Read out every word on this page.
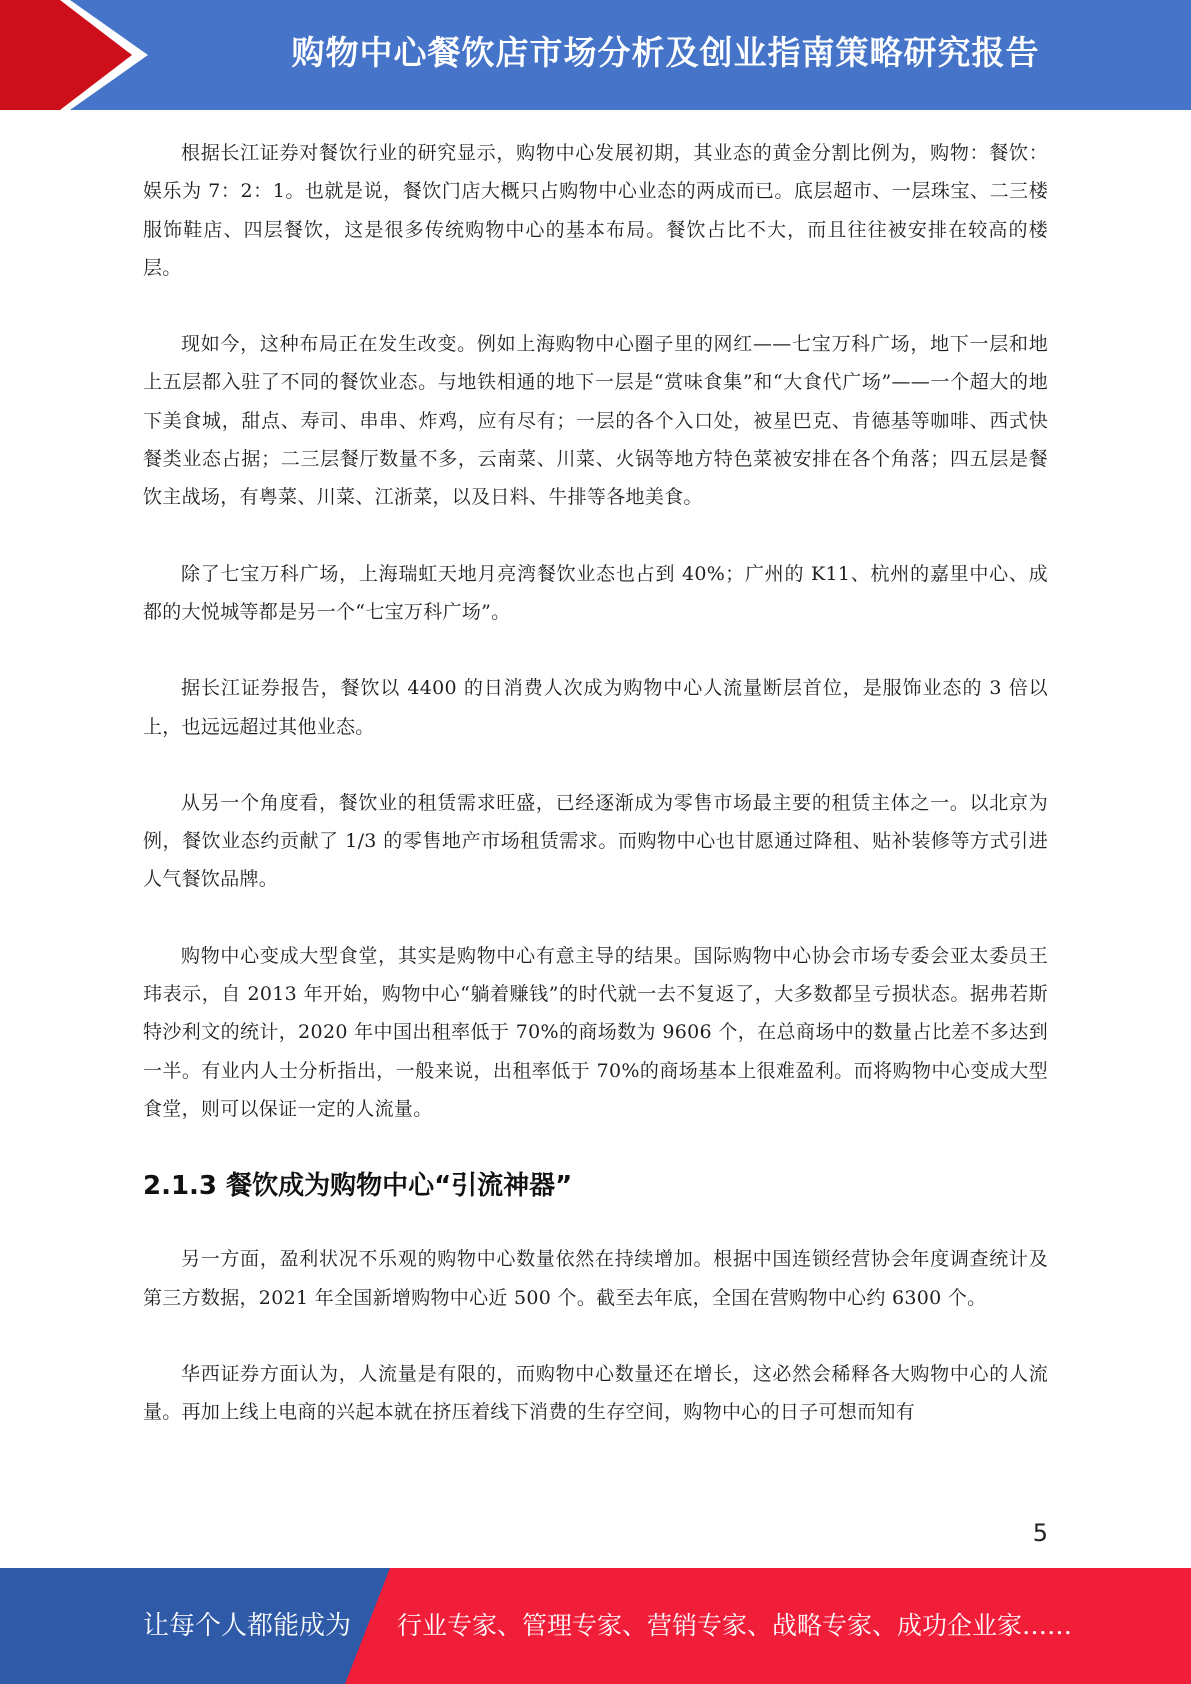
购物中心餐饮店市场分析及创业指南策略研究报告

根据长江证券对餐饮行业的研究显示，购物中心发展初期，其业态的黄金分割比例为，购物：餐饮：娱乐为 7：2：1。也就是说，餐饮门店大概只占购物中心业态的两成而已。底层超市、一层珠宝、二三楼服饰鞋店、四层餐饮，这是很多传统购物中心的基本布局。餐饮占比不大，而且往往被安排在较高的楼层。

现如今，这种布局正在发生改变。例如上海购物中心圈子里的网红——七宝万科广场，地下一层和地上五层都入驻了不同的餐饮业态。与地铁相通的地下一层是“赏味食集”和“大食代广场”——一个超大的地下美食城，甜点、寿司、串串、炸鸡，应有尽有；一层的各个入口处，被星巴克、肯德基等咖啡、西式快餐类业态占据；二三层餐厅数量不多，云南菜、川菜、火锅等地方特色菜被安排在各个角落；四五层是餐饮主战场，有粤菜、川菜、江浙菜，以及日料、牛排等各地美食。

除了七宝万科广场，上海瑞虹天地月亮湾餐饮业态也占到 40%；广州的 K11、杭州的嘉里中心、成都的大悦城等都是另一个“七宝万科广场”。

据长江证券报告，餐饮以 4400 的日消费人次成为购物中心人流量断层首位，是服饰业态的 3 倍以上，也远远超过其他业态。

从另一个角度看，餐饮业的租赁需求旺盛，已经逐渐成为零售市场最主要的租赁主体之一。以北京为例，餐饮业态约贡献了 1/3 的零售地产市场租赁需求。而购物中心也甘愿通过降租、贴补装修等方式引进人气餐饮品牌。

购物中心变成大型食堂，其实是购物中心有意主导的结果。国际购物中心协会市场专委会亚太委员王玮表示，自 2013 年开始，购物中心“躺着赚钱”的时代就一去不复返了，大多数都呈亏损状态。据弗若斯特沙利文的统计，2020 年中国出租率低于 70%的商场数为 9606 个，在总商场中的数量占比差不多达到一半。有业内人士分析指出，一般来说，出租率低于 70%的商场基本上很难盈利。而将购物中心变成大型食堂，则可以保证一定的人流量。

2.1.3 餐饮成为购物中心“引流神器”

另一方面，盈利状况不乐观的购物中心数量依然在持续增加。根据中国连锁经营协会年度调查统计及第三方数据，2021 年全国新增购物中心近 500 个。截至去年底，全国在营购物中心约 6300 个。

华西证券方面认为，人流量是有限的，而购物中心数量还在增长，这必然会稀释各大购物中心的人流量。再加上线上电商的兴起本就在挤压着线下消费的生存空间，购物中心的日子可想而知有

5
让每个人都能成为 行业专家、管理专家、营销专家、战略专家、成功企业家……
